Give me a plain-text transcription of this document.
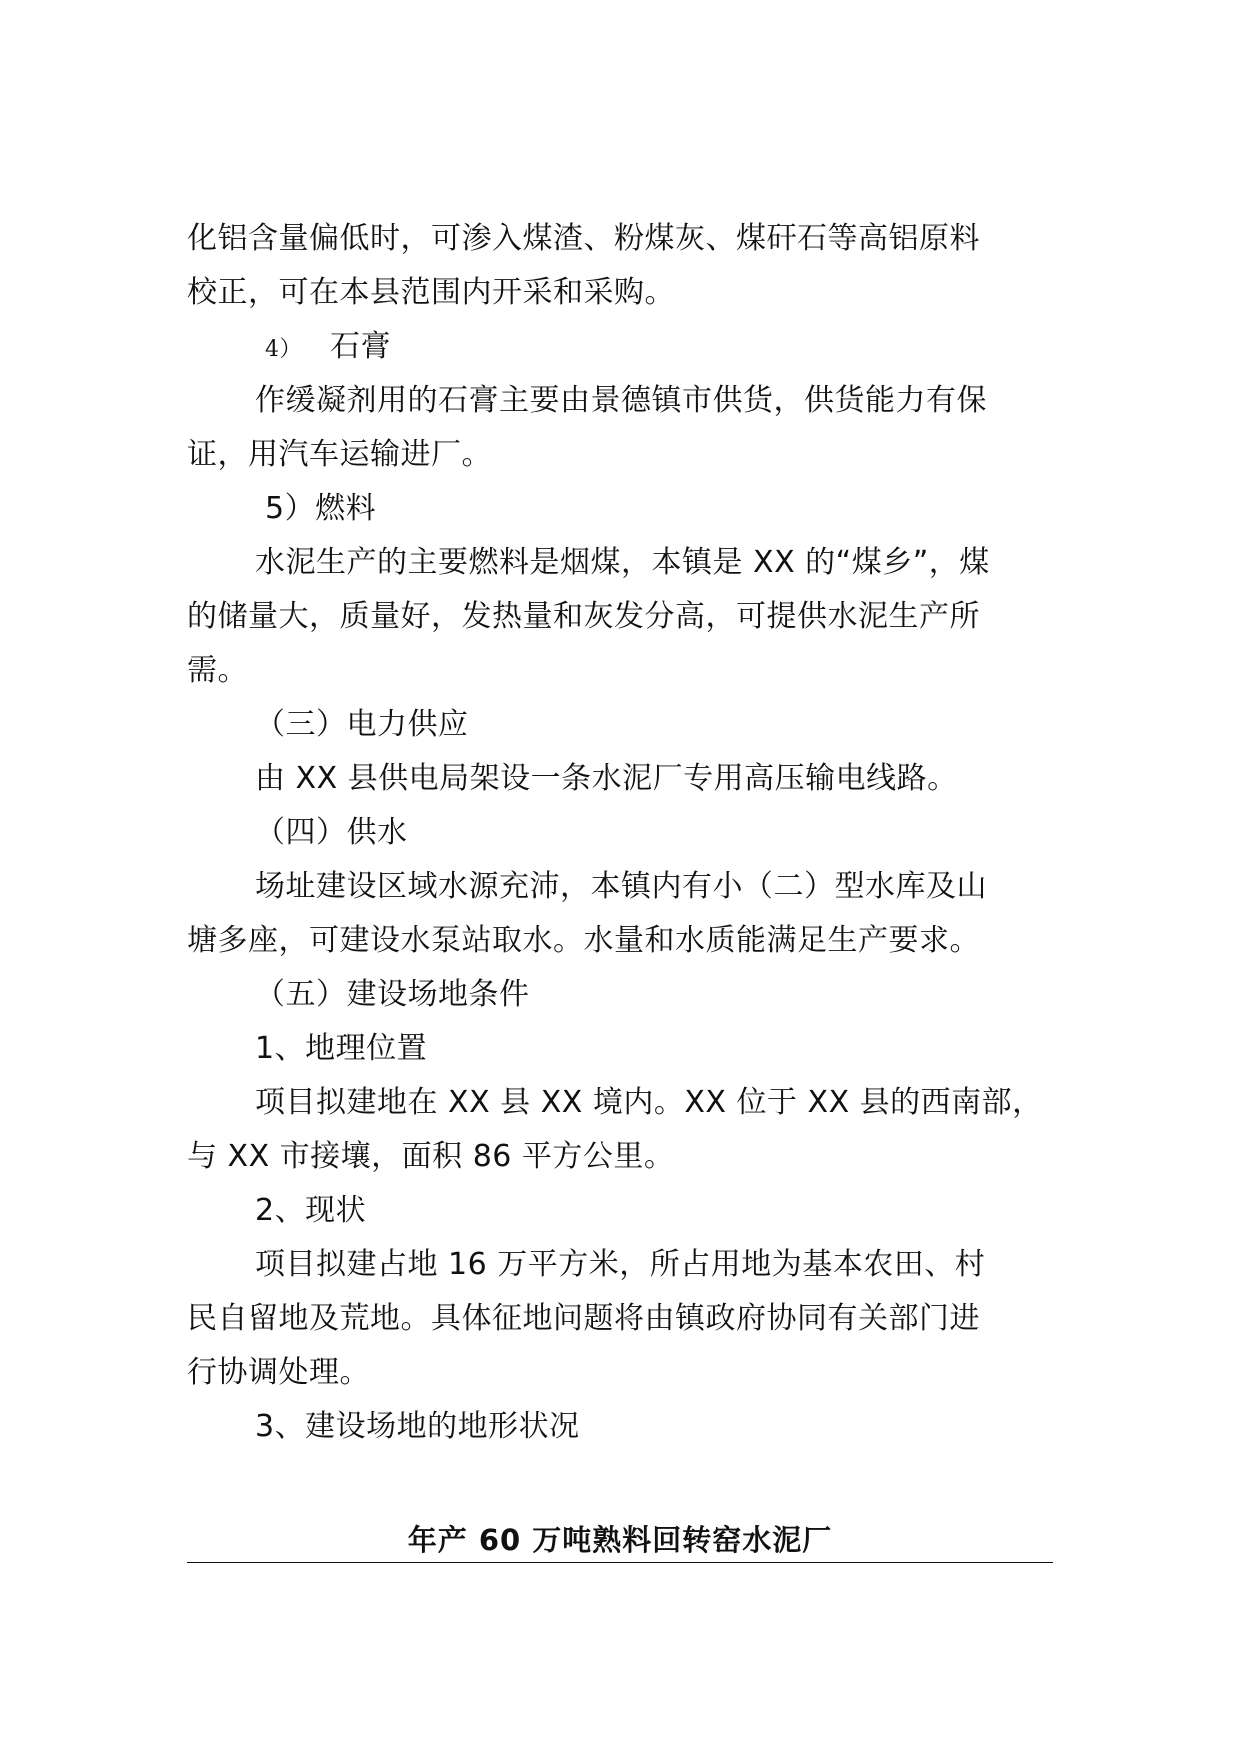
化铝含量偏低时，可渗入煤渣、粉煤灰、煤矸石等高铝原料
校正，可在本县范围内开采和采购。
4） 石膏
作缓凝剂用的石膏主要由景德镇市供货，供货能力有保
证，用汽车运输进厂。
5）燃料
水泥生产的主要燃料是烟煤，本镇是 XX 的“煤乡”，煤
的储量大，质量好，发热量和灰发分高，可提供水泥生产所
需。
（三）电力供应
由 XX 县供电局架设一条水泥厂专用高压输电线路。
（四）供水
场址建设区域水源充沛，本镇内有小（二）型水库及山
塘多座，可建设水泵站取水。水量和水质能满足生产要求。
（五）建设场地条件
1、地理位置
项目拟建地在 XX 县 XX 境内。XX 位于 XX 县的西南部，
与 XX 市接壤，面积 86 平方公里。
2、现状
项目拟建占地 16 万平方米，所占用地为基本农田、村
民自留地及荒地。具体征地问题将由镇政府协同有关部门进
行协调处理。
3、建设场地的地形状况
年产 60 万吨熟料回转窑水泥厂
